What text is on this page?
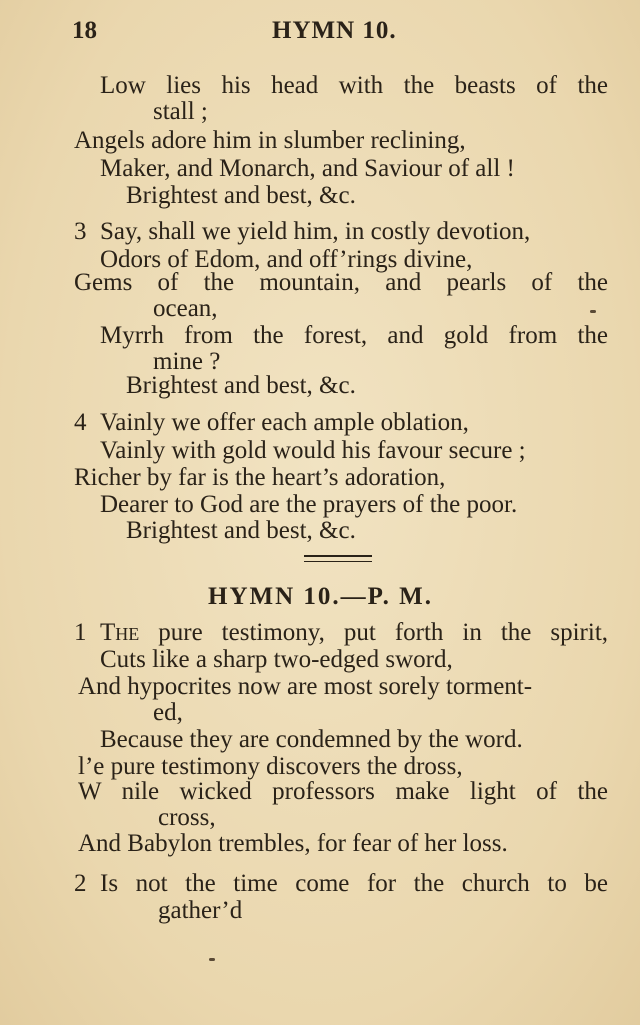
18	HYMN 10.
Low lies his head with the beasts of the
stall ;
Angels adore him in slumber reclining,
Maker, and Monarch, and Saviour of all !
Brightest and best, &c.
3 Say, shall we yield him, in costly devotion,
Odors of Edom, and off’rings divine,
Gems of the mountain, and pearls of the
ocean,
Myrrh from the forest, and gold from the
mine ?
Brightest and best, &c.
4 Vainly we offer each ample oblation,
Vainly with gold would his favour secure ;
Richer by far is the heart’s adoration,
Dearer to God are the prayers of the poor.
Brightest and best, &c.
HYMN 10.—P. M.
1 The pure testimony, put forth in the spirit,
Cuts like a sharp two-edged sword,
And hypocrites now are most sorely torment-
ed,
Because they are condemned by the word.
l’e pure testimony discovers the dross,
W nile wicked professors make light of the
cross,
And Babylon trembles, for fear of her loss.
2 Is not the time come for the church to be
gather’d
